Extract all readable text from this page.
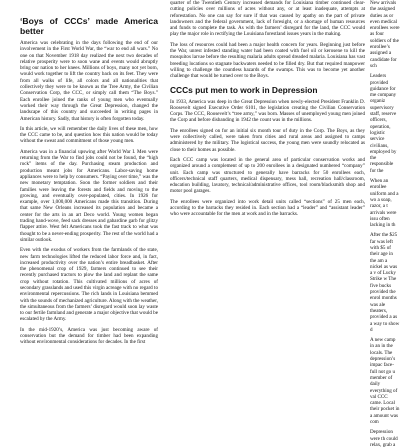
‘Boys of CCCs’ made America better

America was celebrating in the days following the end of our involvement in the First World War, the “war to end all wars.” No one on that November 1918 day realized the next two decades of relative prosperity were to soon wane and events would abruptly bring our nation to her knees. Millions of boys, many not yet born, would work together to lift the country back on its feet. They were from all walks of life, all colors and all nationalities that collectively they were to be known as the Tree Army, the Civilian Conservation Corp, the CCC, or simply call them “The Boys.” Each enrollee joined the ranks of young men who eventually worked their way through the Great Depression, changed the landscape of this country and succeeded in writing pages in American history. Sadly, that history is often forgotten today.

In this article, we will remember the daily lives of these men, how the CCC came to be, and question how this nation would be today without the sweat and commitment of those young men.

America was in a financial upswing after World War I. Men were returning from the War to find jobs could not be found, the “high rock” items of the day. Purchasing steam production and production meant jobs for Americans. Labor-saving home appliances were to help by consumers. “Paying over time,” was the new monetary temptation. Soon the former soldiers and their families were leaving the forests and fields and moving to the growing, and eventually over-populated, cities. In 1926 for example, over 1,000,000 Americans made this transition. During that same New Orleans increased its population and became a center for the arts in an art Deco world. Young women began trading hand-wove, feed sack dresses and gabardine garb for glitzy flapper attire. West felt Americans took the fast track to what was thought to be a never-ending prosperity. The rest of the world had a similar outlook.

Even with the exodus of workers from the farmlands of the state, new farm technologies lifted the reduced labor force and, in fact, increased productivity over the nation’s entire breadbasket. After the phenomenal crop of 1929, farmers continued to see their recently purchased tractors to plow the land and replant the same crop without rotation. This cultivated millions of acres of secondary grasslands and used this virgin acreage with no regard to environmental repercussions. The rich lands in Louisiana bemmed with the sounds of mechanized agriculture. Along with the weather, the simultaneous from the farmers’ disregard would soon lay waste to our fertile farmland and generate a major objective that would be escalated by the Army.

In the mid-1920’s, America was just becoming aware of conservation but the demand for timber had been expanding without environmental considerations for decades. In the first

quarter of the Twentieth Century increased demands for Louisiana timber continued clear-cutting policies over millions of acres without any, or at least inadequate, attempts at reforestation. No one can say for sure if that was caused by apathy on the part of private landowners and the federal government, lack of foresight, or a shortage of human resources and funds to complete the task. As with the farmers’ disregard for the land, the CCC would play the major role in rectifying the Louisiana forestland issues years in the making.

The loss of resources could had been a major health concern for years. Beginning just before the War, unrest infested standing water had been coated with fuel oil or kerosene to kill the mosquitos larvae before the resulting malaria adults spread dreaded malaria. Louisiana has vast breeding locations so stagnate backwaters needed to be filled dry. But that required manpower willing to challenge the countless hazards of the swamps. This was to become yet another challenge that would be turned over to the Boys.

CCCs put men to work in Depression

In 1933, America was deep in the Great Depression when newly-elected President Franklin D. Roosevelt signed Executive Order 6101, the legislation creating the Civilian Conservation Corps. The CCC, Roosevelt’s “tree army,” was born. Masses of unemployed young men joined the Corp and before disbanding in 1942 the count was in the millions.

The enrollees signed on for an initial six month tour of duty in the Corp. The Boys, as they were collectively called, were taken from cities and rural areas and assigned to camps administered by the military. The logistical success, the young men were soundly relocated as close to their homes as possible.

Each CCC camp was located in the general area of particular conservation works and organized around a complement of up to 200 enrollees in a designated numbered “company” unit. Each camp was structured to generally have barracks for 50 enrollees each, officers/technical staff quarters, medical dispensary, mess hall, recreation hall/classroom, education building, lavatory, technical/administrative offices, tool room/blacksmith shop and motor pool garages.

The enrollees were organized into work detail units called “sections” of 25 men each, according to the barracks they resided in. Each section had a “leader” and “assistant leader” who were accountable for the men at work and in the barracks.

New arrivals the assigned duties as or even medical enrollees were as four soldiers of the enrollee’s assigned a candidate for sch

Leaders provided guidance for me company organiz supervisory staff, reserve officers, operation, logistic service civilians, employed by the responsible for the

When an enrollee uniform and a wo a soap, razor, a t arrivals were issu often lacking in th

After the $25 far was left with $5 of their age in the am a nickel as was a v of Lucky Strike w The five bucks provided the enrol months was ale theaters, provided a as a way to show d

A new camp in an in the locals. The depression’s impac face-full not go u member of daily everything of val CCC came. Local their pocket in a amount was com

Depression were th could relax, grab a
